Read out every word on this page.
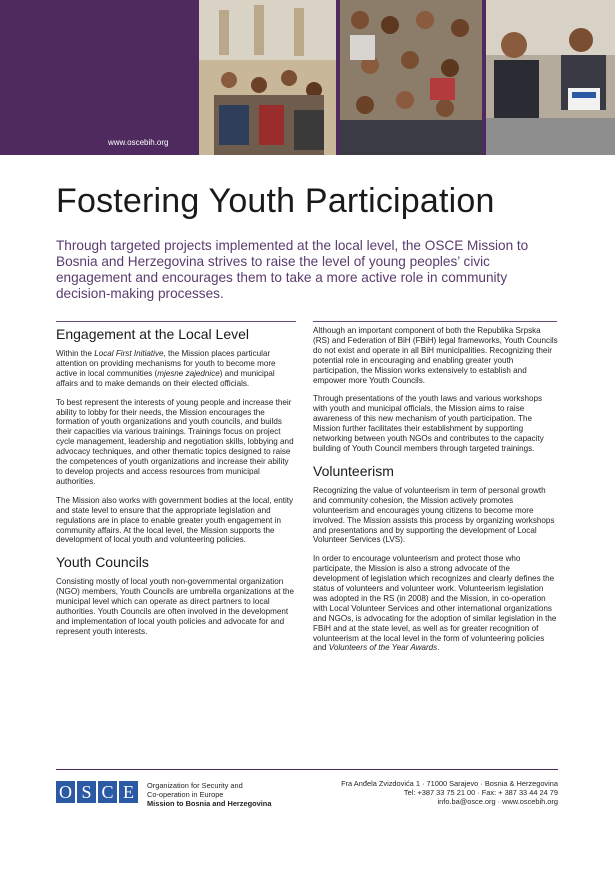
www.oscebih.org
Fostering Youth Participation

Through targeted projects implemented at the local level, the OSCE Mission to Bosnia and Herzegovina strives to raise the level of young peoples’ civic engagement and encourages them to take a more active role in community decision-making processes.

Engagement at the Local Level

Within the Local First Initiative, the Mission places particular attention on providing mechanisms for youth to become more active in local communities (mjesne zajednice) and municipal affairs and to make demands on their elected officials.

To best represent the interests of young people and increase their ability to lobby for their needs, the Mission encourages the formation of youth organizations and youth councils, and builds their capacities via various trainings. Trainings focus on project cycle management, leadership and negotiation skills, lobbying and advocacy techniques, and other thematic topics designed to raise the competences of youth organizations and increase their ability to develop projects and access resources from municipal authorities.

The Mission also works with government bodies at the local, entity and state level to ensure that the appropriate legislation and regulations are in place to enable greater youth engagement in community affairs. At the local level, the Mission supports the development of local youth and volunteering policies.

Youth Councils

Consisting mostly of local youth non-governmental organization (NGO) members, Youth Councils are umbrella organizations at the municipal level which can operate as direct partners to local authorities. Youth Councils are often involved in the development and implementation of local youth policies and advocate for and represent youth interests.

Although an important component of both the Republika Srpska (RS) and Federation of BiH (FBiH) legal frameworks, Youth Councils do not exist and operate in all BiH municipalities. Recognizing their potential role in encouraging and enabling greater youth participation, the Mission works extensively to establish and empower more Youth Councils.

Through presentations of the youth laws and various workshops with youth and municipal officials, the Mission aims to raise awareness of this new mechanism of youth participation. The Mission further facilitates their establishment by supporting networking between youth NGOs and contributes to the capacity building of Youth Council members through targeted trainings.

Volunteerism

Recognizing the value of volunteerism in term of personal growth and community cohesion, the Mission actively promotes volunteerism and encourages young citizens to become more involved. The Mission assists this process by organizing workshops and presentations and by supporting the development of Local Volunteer Services (LVS).

In order to encourage volunteerism and protect those who participate, the Mission is also a strong advocate of the development of legislation which recognizes and clearly defines the status of volunteers and volunteer work. Volunteerism legislation was adopted in the RS (in 2008) and the Mission, in co-operation with Local Volunteer Services and other international organizations and NGOs, is advocating for the adoption of similar legislation in the FBiH and at the state level, as well as for greater recognition of volunteerism at the local level in the form of volunteering policies and Volunteers of the Year Awards.

O S C E	Organization for Security and
Co-operation in Europe
Mission to Bosnia and Herzegovina
Fra Anđela Zvizdovića 1 · 71000 Sarajevo · Bosnia & Herzegovina
Tel: +387 33 75 21 00 · Fax: + 387 33 44 24 79
info.ba@osce.org · www.oscebih.org
